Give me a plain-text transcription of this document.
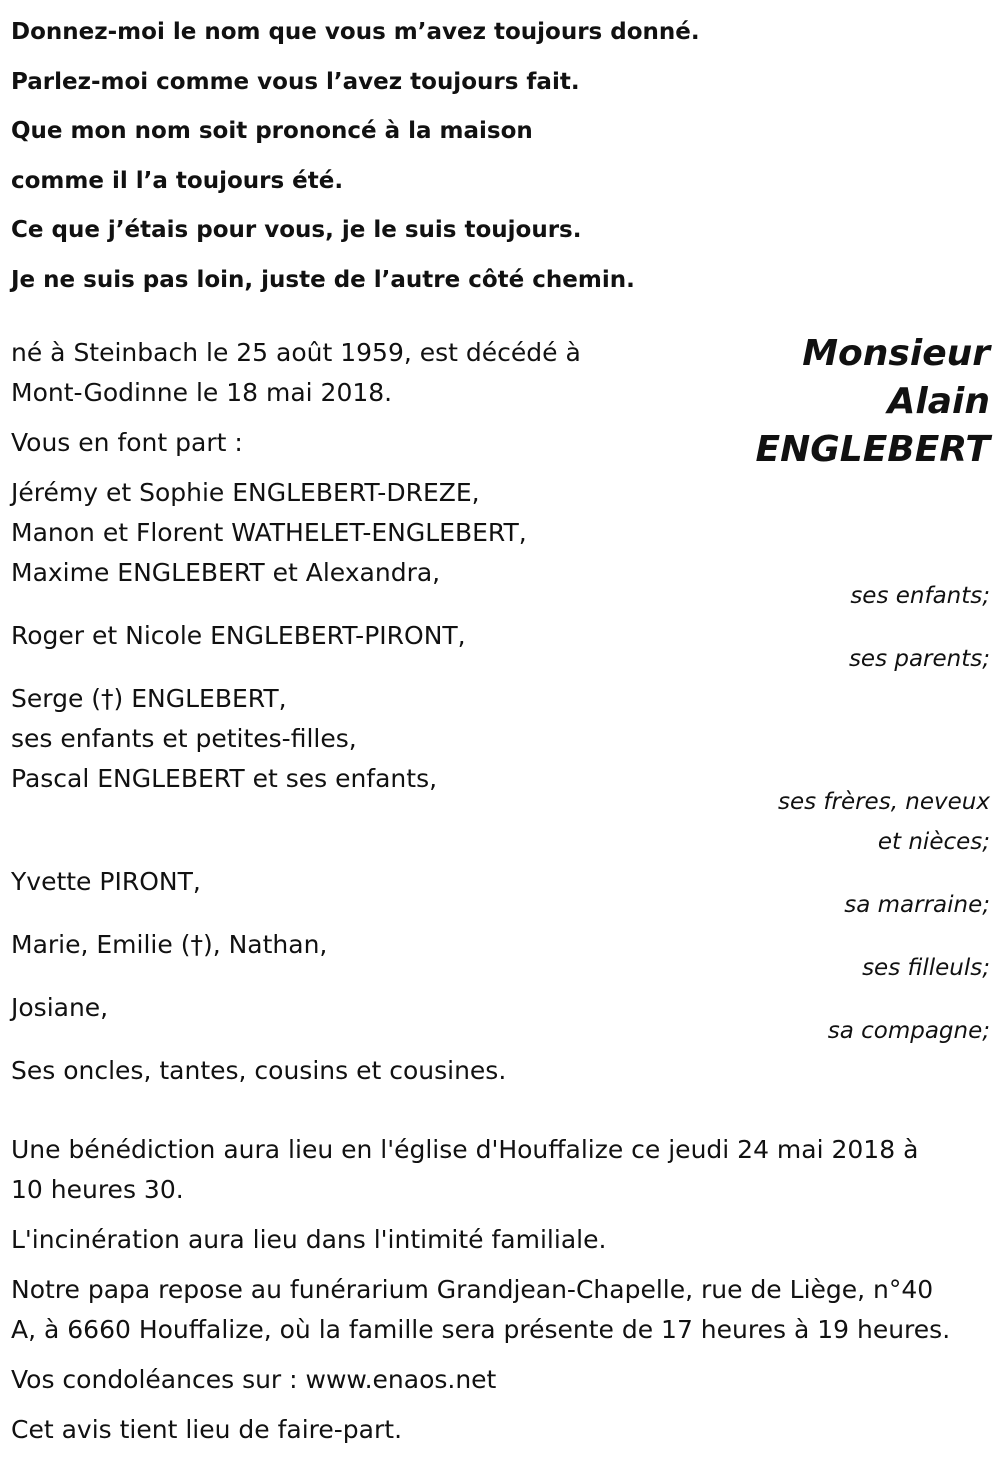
Donnez-moi le nom que vous m’avez toujours donné.
Parlez-moi comme vous l’avez toujours fait.
Que mon nom soit prononcé à la maison
comme il l’a toujours été.
Ce que j’étais pour vous, je le suis toujours.
Je ne suis pas loin, juste de l’autre côté chemin.
Monsieur
Alain
ENGLEBERT
né à Steinbach le 25 août 1959, est décédé à
Mont-Godinne le 18 mai 2018.
Vous en font part :
Jérémy et Sophie ENGLEBERT-DREZE,
Manon et Florent WATHELET-ENGLEBERT,
Maxime ENGLEBERT et Alexandra,
ses enfants;
Roger et Nicole ENGLEBERT-PIRONT,
ses parents;
Serge (†) ENGLEBERT,
ses enfants et petites-filles,
Pascal ENGLEBERT et ses enfants,
ses frères, neveux
et nièces;
Yvette PIRONT,
sa marraine;
Marie, Emilie (†), Nathan,
ses filleuls;
Josiane,
sa compagne;
Ses oncles, tantes, cousins et cousines.
Une bénédiction aura lieu en l'église d'Houffalize ce jeudi 24 mai 2018 à
10 heures 30.
L'incinération aura lieu dans l'intimité familiale.
Notre papa repose au funérarium Grandjean-Chapelle, rue de Liège, n°40
A, à 6660 Houffalize, où la famille sera présente de 17 heures à 19 heures.
Vos condoléances sur : www.enaos.net
Cet avis tient lieu de faire-part.
